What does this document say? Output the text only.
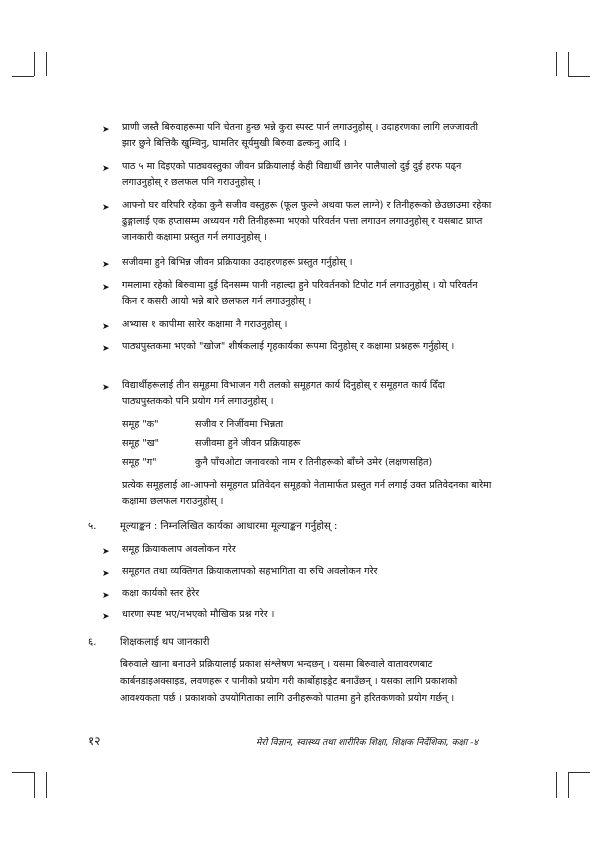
➤ प्राणी जस्तै बिरुवाहरूमा पनि चेतना हुन्छ भन्ने कुरा स्पस्ट पार्न लगाउनुहोस् । उदाहरणका लागि लज्जावती झार छुने बित्तिकै खुम्चिनु, घामतिर सूर्यमुखी बिरुवा ढल्कनु आदि ।
➤ पाठ ५ मा दिइएको पाठ्यवस्तुका जीवन प्रक्रियालाई केही विद्यार्थी छानेर पालैपालो दुई दुई हरफ पढ्न लगाउनुहोस् र छलफल पनि गराउनुहोस् ।
➤ आफ्नो घर वरिपरि रहेका कुनै सजीव वस्तुहरू (फूल फुल्ने अथवा फल लाग्ने) र तिनीहरूको छेउछाउमा रहेका ढुङ्गालाई एक हप्तासम्म अध्ययन गरी तिनीहरूमा भएको परिवर्तन पत्ता लगाउन लगाउनुहोस् र यसबाट प्राप्त जानकारी कक्षामा प्रस्तुत गर्न लगाउनुहोस् ।
➤ सजीवमा हुने बिभिन्न जीवन प्रक्रियाका उदाहरणहरू प्रस्तुत गर्नुहोस् ।
➤ गमलामा रहेको बिरुवामा दुई दिनसम्म पानी नहाल्दा हुने परिवर्तनको टिपोट गर्न लगाउनुहोस् । यो परिवर्तन किन र कसरी आयो भन्ने बारे छलफल गर्न लगाउनुहोस् ।
➤ अभ्यास १ कापीमा सारेर कक्षामा नै गराउनुहोस् ।
➤ पाठ्यपुस्तकमा भएको "खोज" शीर्षकलाई गृहकार्यका रूपमा दिनुहोस् र कक्षामा प्रश्नहरू गर्नुहोस् ।
➤ विद्यार्थीहरूलाई तीन समूहमा विभाजन गरी तलको समूहगत कार्य दिनुहोस् र समूहगत कार्य दिँदा पाठ्यपुस्तकको पनि प्रयोग गर्न लगाउनुहोस् ।
समूह "क"	सजीव र निर्जीवमा भिन्नता
समूह "ख"	सजीवमा हुने जीवन प्रक्रियाहरू
समूह "ग"	कुनै पाँचओटा जनावरको नाम र तिनीहरूको बाँच्ने उमेर (लक्षणसहित)
प्रत्येक समूहलाई आ-आफ्नो समूहगत प्रतिवेदन समूहको नेतामार्फत प्रस्तुत गर्न लगाई उक्त प्रतिवेदनका बारेमा कक्षामा छलफल गराउनुहोस् ।
५. मूल्याङ्कन : निम्नलिखित कार्यका आधारमा मूल्याङ्कन गर्नुहोस् :
➤ समूह क्रियाकलाप अवलोकन गरेर
➤ समूहगत तथा व्यक्तिगत क्रियाकलापको सहभागिता वा रुचि अवलोकन गरेर
➤ कक्षा कार्यको स्तर हेरेर
➤ धारणा स्पष्ट भए/नभएको मौखिक प्रश्न गरेर ।
६. शिक्षकलाई थप जानकारी
बिरुवाले खाना बनाउने प्रक्रियालाई प्रकाश संश्लेषण भन्दछन् । यसमा बिरुवाले वातावरणबाट कार्बनडाइअक्साइड, लवणहरू र पानीको प्रयोग गरी कार्बोहाइड्रेट बनाउँछन् । यसका लागि प्रकाशको आवश्यकता पर्छ । प्रकाशको उपयोगिताका लागि उनीहरूको पातमा हुने हरितकणको प्रयोग गर्छन् ।
१२	मेरो विज्ञान, स्वास्थ्य तथा शारीरिक शिक्षा, शिक्षक निर्देशिका, कक्षा -४
